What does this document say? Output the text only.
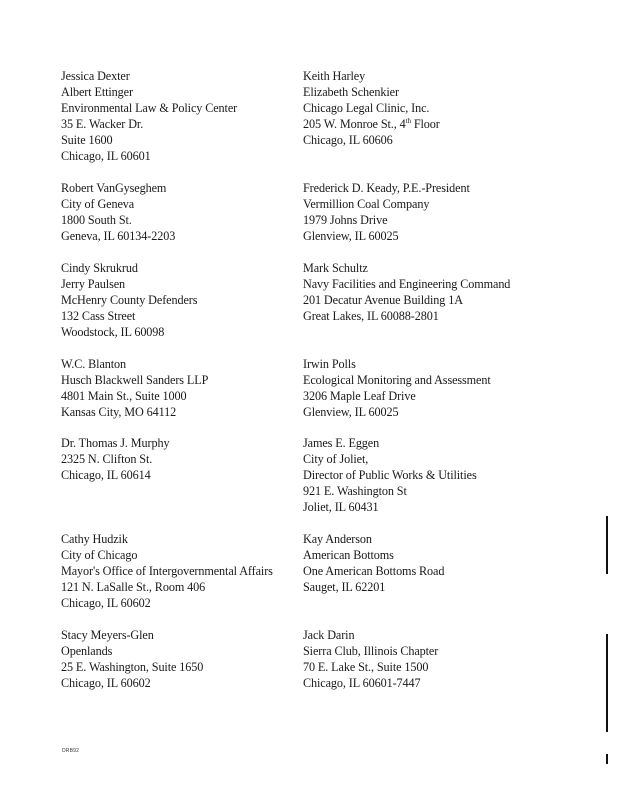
Jessica Dexter
Albert Ettinger
Environmental Law & Policy Center
35 E. Wacker Dr.
Suite 1600
Chicago, IL 60601
Robert VanGyseghem
City of Geneva
1800 South St.
Geneva, IL 60134-2203
Cindy Skrukrud
Jerry Paulsen
McHenry County Defenders
132 Cass Street
Woodstock, IL 60098
W.C. Blanton
Husch Blackwell Sanders LLP
4801 Main St., Suite 1000
Kansas City, MO 64112
Dr. Thomas J. Murphy
2325 N. Clifton St.
Chicago, IL 60614
Cathy Hudzik
City of Chicago
Mayor's Office of Intergovernmental Affairs
121 N. LaSalle St., Room 406
Chicago, IL 60602
Stacy Meyers-Glen
Openlands
25 E. Washington, Suite 1650
Chicago, IL 60602
Keith Harley
Elizabeth Schenkier
Chicago Legal Clinic, Inc.
205 W. Monroe St., 4th Floor
Chicago, IL 60606
Frederick D. Keady, P.E.-President
Vermillion Coal Company
1979 Johns Drive
Glenview, IL 60025
Mark Schultz
Navy Facilities and Engineering Command
201 Decatur Avenue Building 1A
Great Lakes, IL 60088-2801
Irwin Polls
Ecological Monitoring and Assessment
3206 Maple Leaf Drive
Glenview, IL 60025
James E. Eggen
City of Joliet,
Director of Public Works & Utilities
921 E. Washington St
Joliet, IL 60431
Kay Anderson
American Bottoms
One American Bottoms Road
Sauget, IL 62201
Jack Darin
Sierra Club, Illinois Chapter
70 E. Lake St., Suite 1500
Chicago, IL 60601-7447
DRB92
